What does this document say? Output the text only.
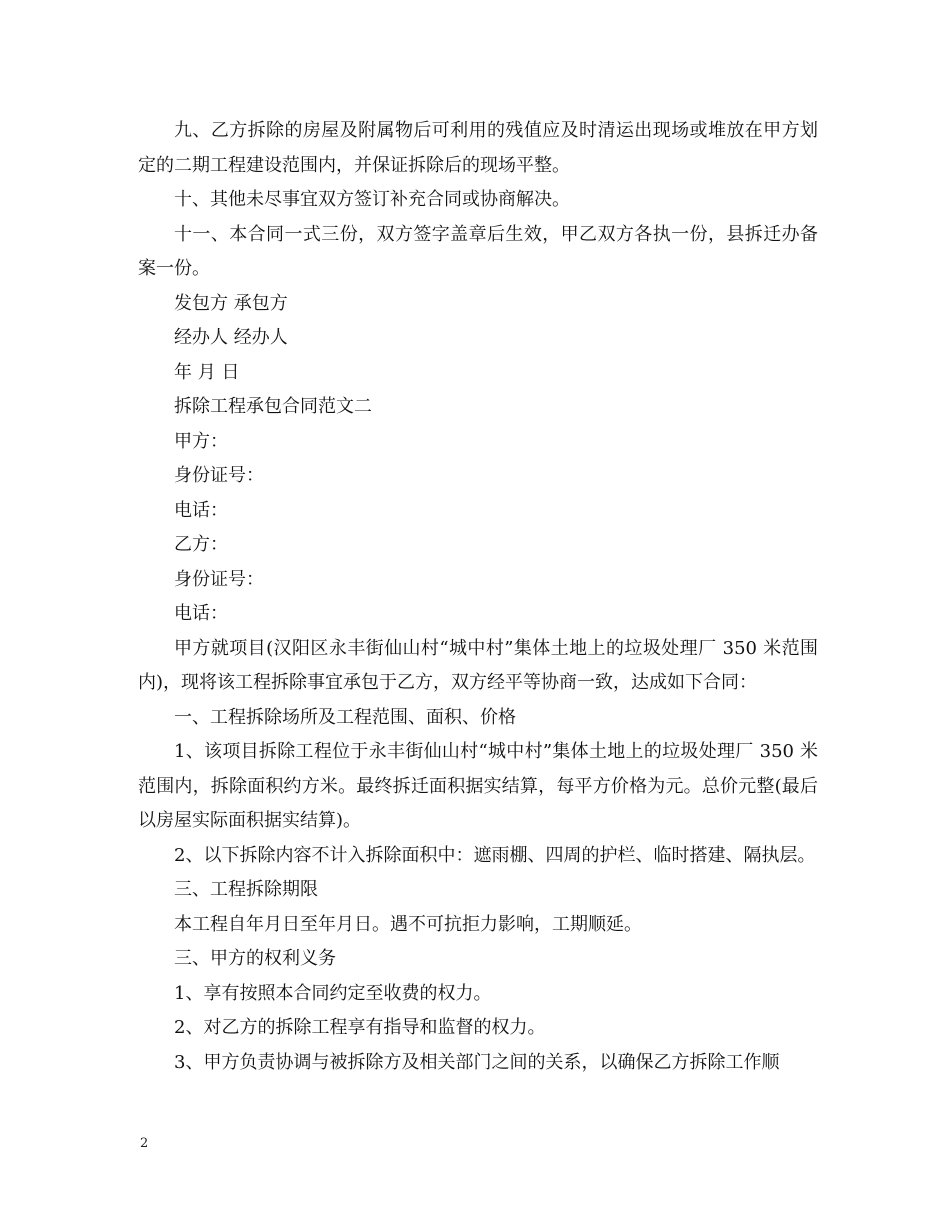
九、乙方拆除的房屋及附属物后可利用的残值应及时清运出现场或堆放在甲方划定的二期工程建设范围内，并保证拆除后的现场平整。

十、其他未尽事宜双方签订补充合同或协商解决。

十一、本合同一式三份，双方签字盖章后生效，甲乙双方各执一份，县拆迁办备案一份。

发包方 承包方

经办人 经办人

年 月 日

拆除工程承包合同范文二

甲方：

身份证号：

电话：

乙方：

身份证号：

电话：

甲方就项目(汉阳区永丰街仙山村“城中村”集体土地上的垃圾处理厂 350 米范围内)，现将该工程拆除事宜承包于乙方，双方经平等协商一致，达成如下合同：

一、工程拆除场所及工程范围、面积、价格

1、该项目拆除工程位于永丰街仙山村“城中村”集体土地上的垃圾处理厂 350 米范围内，拆除面积约方米。最终拆迁面积据实结算，每平方价格为元。总价元整(最后以房屋实际面积据实结算)。

2、以下拆除内容不计入拆除面积中：遮雨棚、四周的护栏、临时搭建、隔执层。

三、工程拆除期限

本工程自年月日至年月日。遇不可抗拒力影响，工期顺延。

三、甲方的权利义务

1、享有按照本合同约定至收费的权力。

2、对乙方的拆除工程享有指导和监督的权力。

3、甲方负责协调与被拆除方及相关部门之间的关系，以确保乙方拆除工作顺

2
